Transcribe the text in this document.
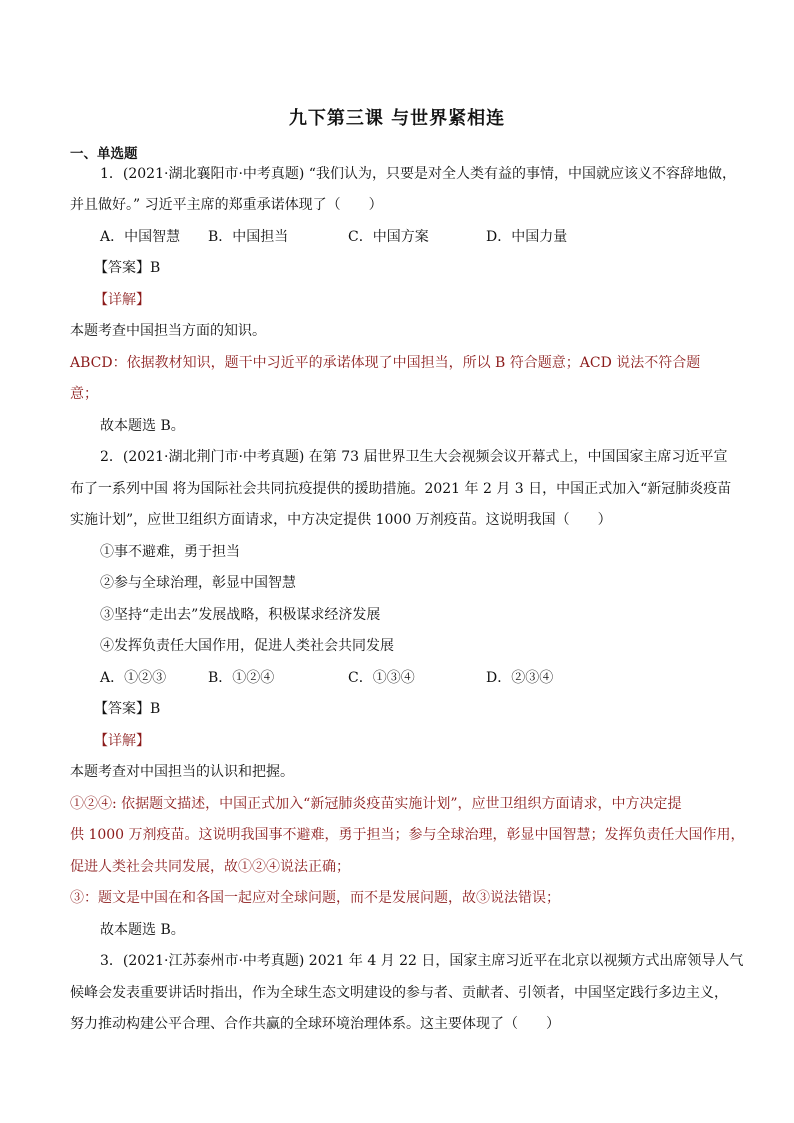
九下第三课 与世界紧相连
一、单选题
1．(2021·湖北襄阳市·中考真题) “我们认为，只要是对全人类有益的事情，中国就应该义不容辞地做，
并且做好。” 习近平主席的郑重承诺体现了（　　）
A．中国智慧 B．中国担当	C．中国方案	D．中国力量
【答案】B
【详解】
本题考查中国担当方面的知识。
ABCD：依据教材知识，题干中习近平的承诺体现了中国担当，所以 B 符合题意；ACD 说法不符合题
意；
故本题选 B。
2．(2021·湖北荆门市·中考真题) 在第 73 届世界卫生大会视频会议开幕式上，中国国家主席习近平宣
布了一系列中国 将为国际社会共同抗疫提供的援助措施。2021 年 2 月 3 日，中国正式加入“新冠肺炎疫苗
实施计划”，应世卫组织方面请求，中方决定提供 1000 万剂疫苗。这说明我国（　　）
①事不避难，勇于担当
②参与全球治理，彰显中国智慧
③坚持“走出去”发展战略，积极谋求经济发展
④发挥负责任大国作用，促进人类社会共同发展
A．①②③	B．①②④	C．①③④	D．②③④
【答案】B
【详解】
本题考查对中国担当的认识和把握。
①②④: 依据题文描述，中国正式加入“新冠肺炎疫苗实施计划”，应世卫组织方面请求，中方决定提
供 1000 万剂疫苗。这说明我国事不避难，勇于担当；参与全球治理，彰显中国智慧；发挥负责任大国作用，
促进人类社会共同发展，故①②④说法正确；
③：题文是中国在和各国一起应对全球问题，而不是发展问题，故③说法错误；
故本题选 B。
3．(2021·江苏泰州市·中考真题) 2021 年 4 月 22 日，国家主席习近平在北京以视频方式出席领导人气
候峰会发表重要讲话时指出，作为全球生态文明建设的参与者、贡献者、引领者，中国坚定践行多边主义，
努力推动构建公平合理、合作共赢的全球环境治理体系。这主要体现了（　　）
